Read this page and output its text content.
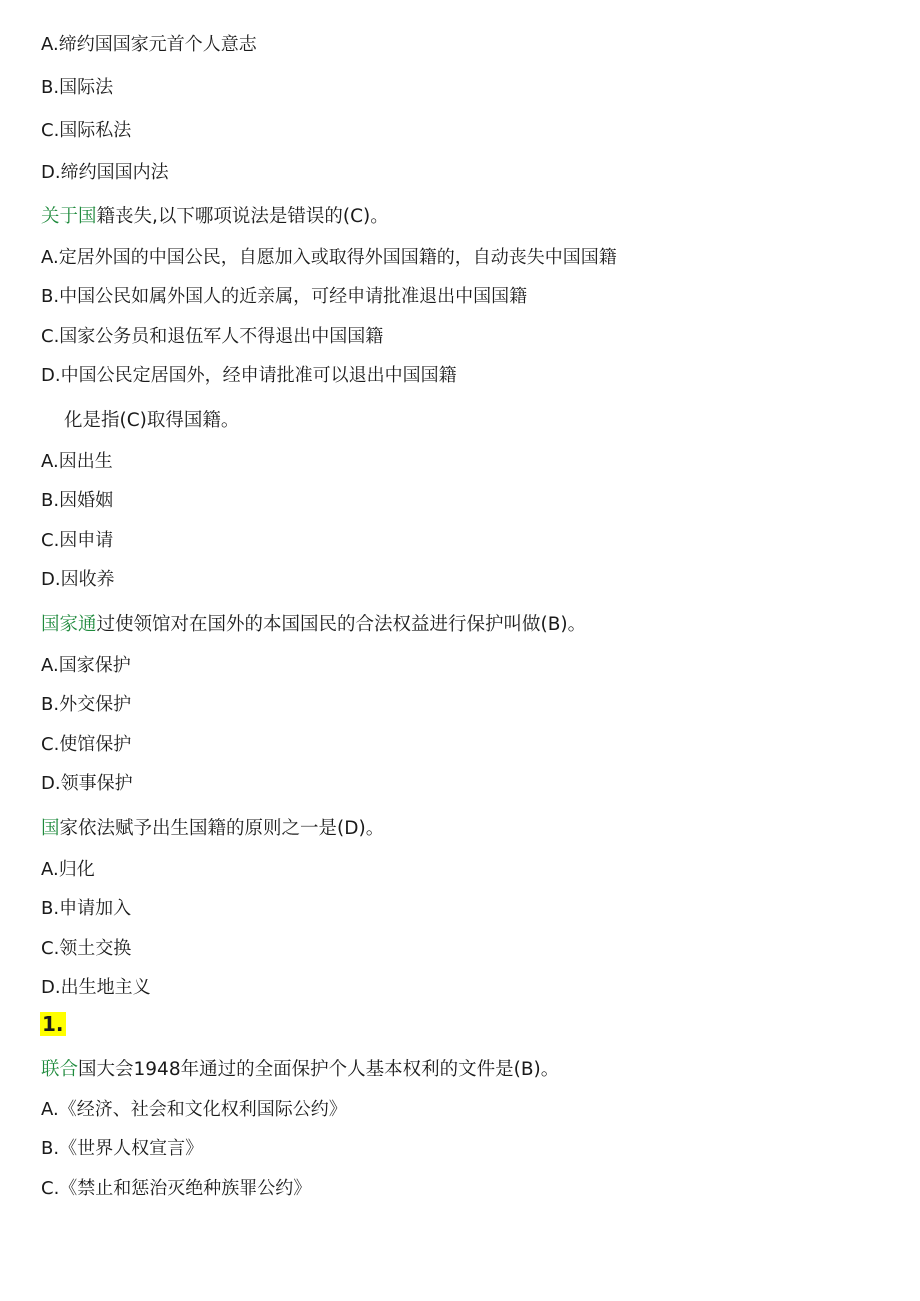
A.缔约国国家元首个人意志
B.国际法
C.国际私法
D.缔约国国内法
关于国籍丧失,以下哪项说法是错误的(C)。
A.定居外国的中国公民，自愿加入或取得外国国籍的，自动丧失中国国籍
B.中国公民如属外国人的近亲属，可经申请批准退出中国国籍
C.国家公务员和退伍军人不得退出中国国籍
D.中国公民定居国外，经申请批准可以退出中国国籍
化是指(C)取得国籍。
A.因出生
B.因婚姻
C.因申请
D.因收养
国家通过使领馆对在国外的本国国民的合法权益进行保护叫做(B)。
A.国家保护
B.外交保护
C.使馆保护
D.领事保护
国家依法赋予出生国籍的原则之一是(D)。
A.归化
B.申请加入
C.领土交换
D.出生地主义
1.
联合国大会1948年通过的全面保护个人基本权利的文件是(B)。
A.《经济、社会和文化权利国际公约》
B.《世界人权宣言》
C.《禁止和惩治灭绝种族罪公约》
